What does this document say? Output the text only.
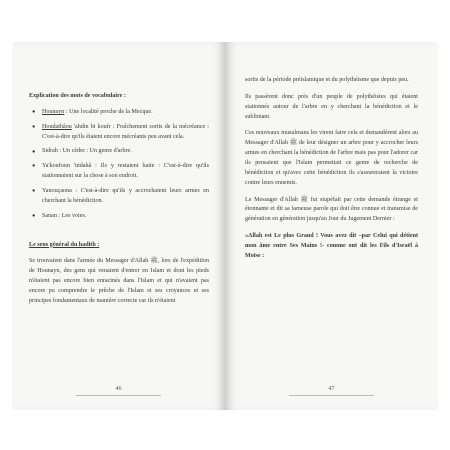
Explication des mots de vocabulaire :
● Hounayn : Une localité proche de la Mecque.
● Houdathâou 'ahdin bi koufr : Fraîchement sortis de la mécréance : C'est-à-dire qu'ils étaient encore mécréants peu avant cela.
● Sidrah : Un cèdre : Un genre d'arbre.
● Ya'koufoun 'indahâ : Ils y restaient baite : C'est-à-dire qu'ils stationnaient sur la chose à son endroit.
● Yanouçaona : C'est-à-dire qu'ils y accrochaient leurs armes en cherchant la bénédiction.
● Sanan : Les voies.
Le sens général du hadith :

Se trouvaient dans l'armée du Messager d'Allah ﷺ, lors de l'expédition de Hounayn, des gens qui venaient d'entrer en Islam et dont les pieds n'étaient pas encore bien enracinés dans l'Islam et qui n'avaient pas encore pu comprendre le prêche de l'Islam et ses croyances et ses principes fondamentaux de manière correcte car ils n'étaient

46

sortis de la période préislamique et du polythéisme que depuis peu.

Ils passèrent donc près d'un peuple de polythéistes qui étaient stationnés autour de l'arbre en y cherchant la bénédiction et le sublimant.

Ces nouveaux musulmans les virent faire cela et demandèrent alors au Messager d'Allah ﷺ de leur désigner un arbre pour y accrocher leurs armes en cherchant la bénédiction de l'arbre mais pas pour l'adorer car ils pensaient que l'Islam permettait ce genre de recherche de bénédiction et qu'avec cette bénédiction ils s'assureraient la victoire contre leurs ennemis.

Le Messager d'Allah ﷺ fut stupéfait par cette demande étrange et étonnante et dit sa fameuse parole qui doit être connue et transmise de génération en génération jusqu'au Jour du Jugement Dernier :

«Allah est Le plus Grand ! Vous avez dit –par Celui qui détient mon âme entre Ses Mains !- comme ont dit les Fils d'Israël à Moïse :

47
